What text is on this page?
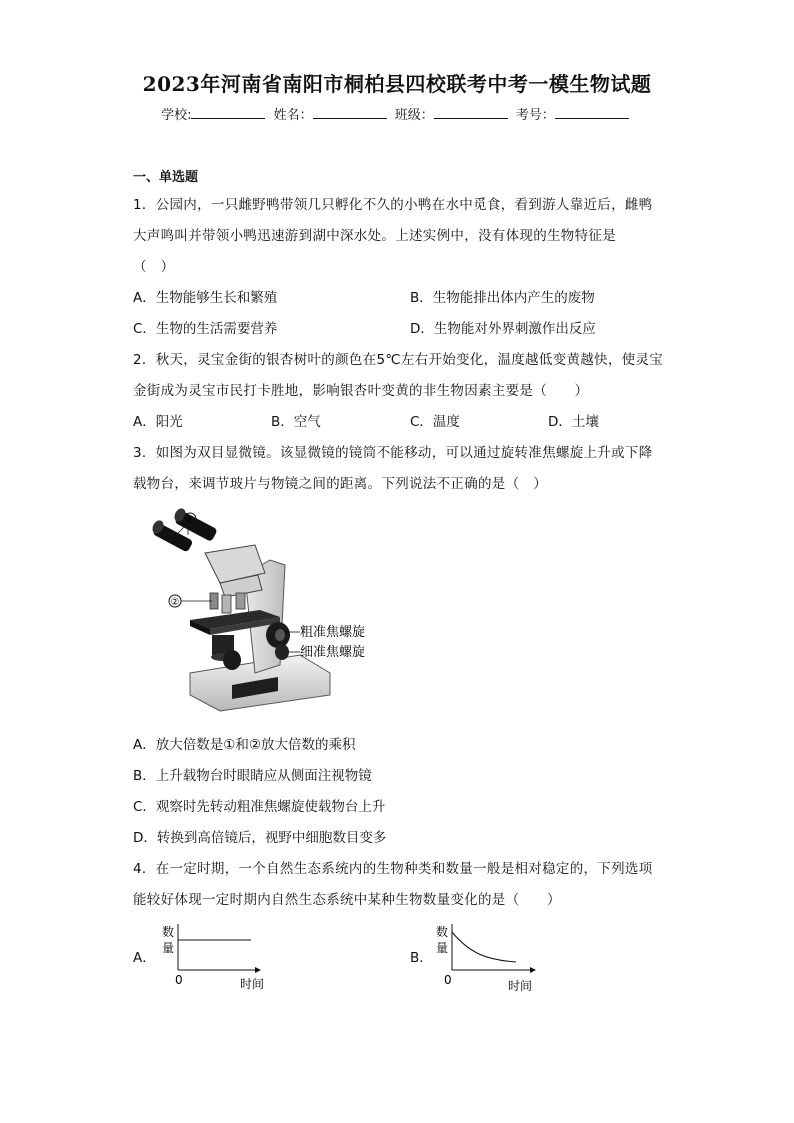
2023年河南省南阳市桐柏县四校联考中考一模生物试题
学校:	姓名：	班级：	考号：
一、单选题
1．公园内，一只雌野鸭带领几只孵化不久的小鸭在水中觅食，看到游人靠近后，雌鸭
大声鸣叫并带领小鸭迅速游到湖中深水处。上述实例中，没有体现的生物特征是
（　）
A．生物能够生长和繁殖	B．生物能排出体内产生的废物
C．生物的生活需要营养	D．生物能对外界刺激作出反应
2．秋天，灵宝金街的银杏树叶的颜色在5℃左右开始变化，温度越低变黄越快，使灵宝
金街成为灵宝市民打卡胜地，影响银杏叶变黄的非生物因素主要是（　　）
A．阳光	B．空气	C．温度	D．土壤
3．如图为双目显微镜。该显微镜的镜筒不能移动，可以通过旋转准焦螺旋上升或下降
载物台，来调节玻片与物镜之间的距离。下列说法不正确的是（　）
①
②
粗准焦螺旋
细准焦螺旋
A．放大倍数是①和②放大倍数的乘积
B．上升载物台时眼睛应从侧面注视物镜
C．观察时先转动粗准焦螺旋使载物台上升
D．转换到高倍镜后，视野中细胞数目变多
4．在一定时期，一个自然生态系统内的生物种类和数量一般是相对稳定的，下列选项
能较好体现一定时期内自然生态系统中某种生物数量变化的是（　　）
A．
数
量
0	时间
B．
数
量
0	时间
